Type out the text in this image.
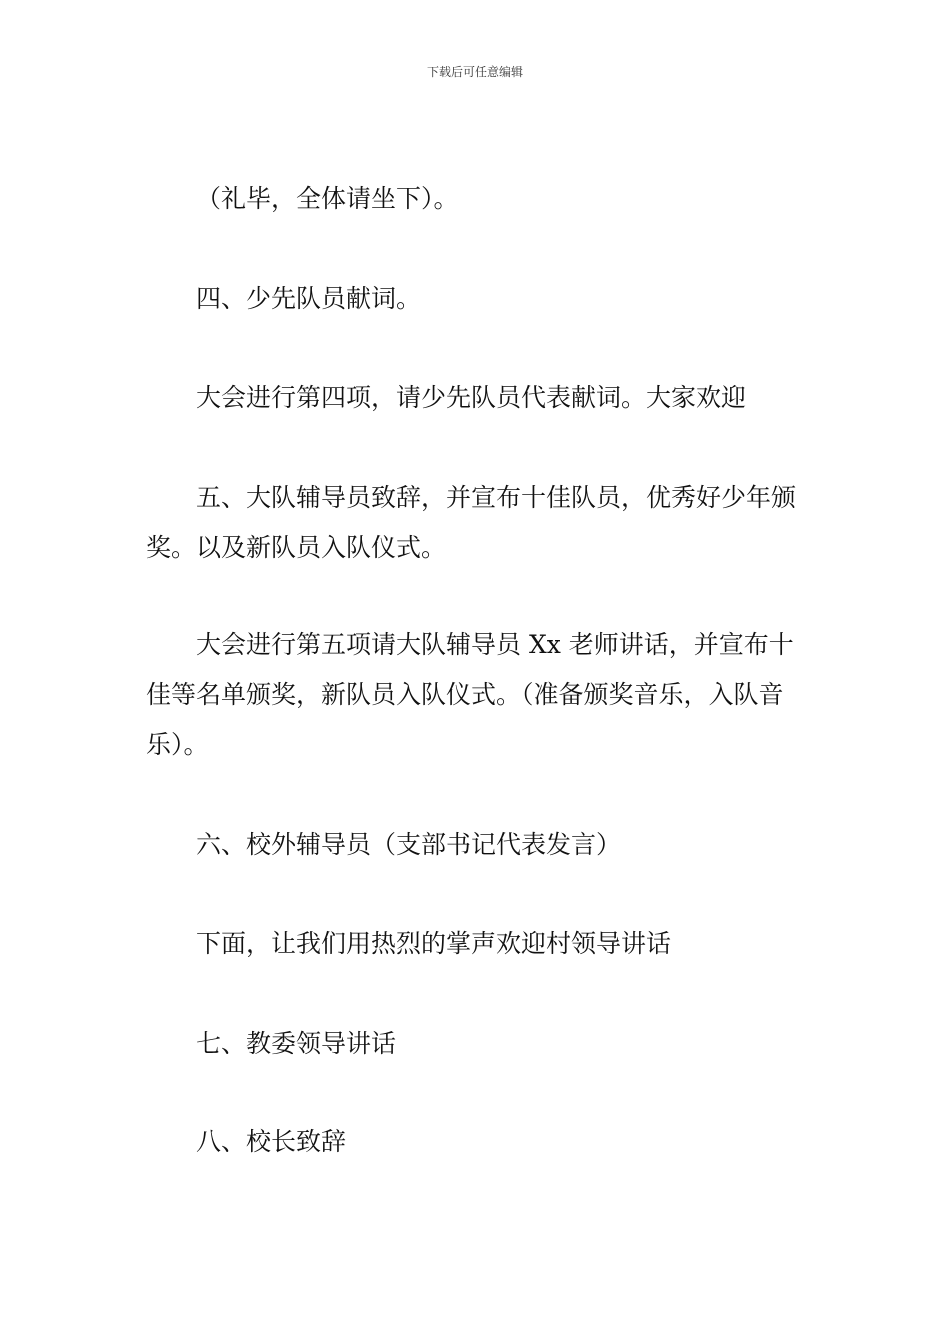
下载后可任意编辑

（礼毕，全体请坐下）。

四、少先队员献词。

大会进行第四项，请少先队员代表献词。大家欢迎

五、大队辅导员致辞，并宣布十佳队员，优秀好少年颁奖。以及新队员入队仪式。

大会进行第五项请大队辅导员 Xx 老师讲话，并宣布十佳等名单颁奖，新队员入队仪式。（准备颁奖音乐，入队音乐）。

六、校外辅导员（支部书记代表发言）

下面，让我们用热烈的掌声欢迎村领导讲话

七、教委领导讲话

八、校长致辞
